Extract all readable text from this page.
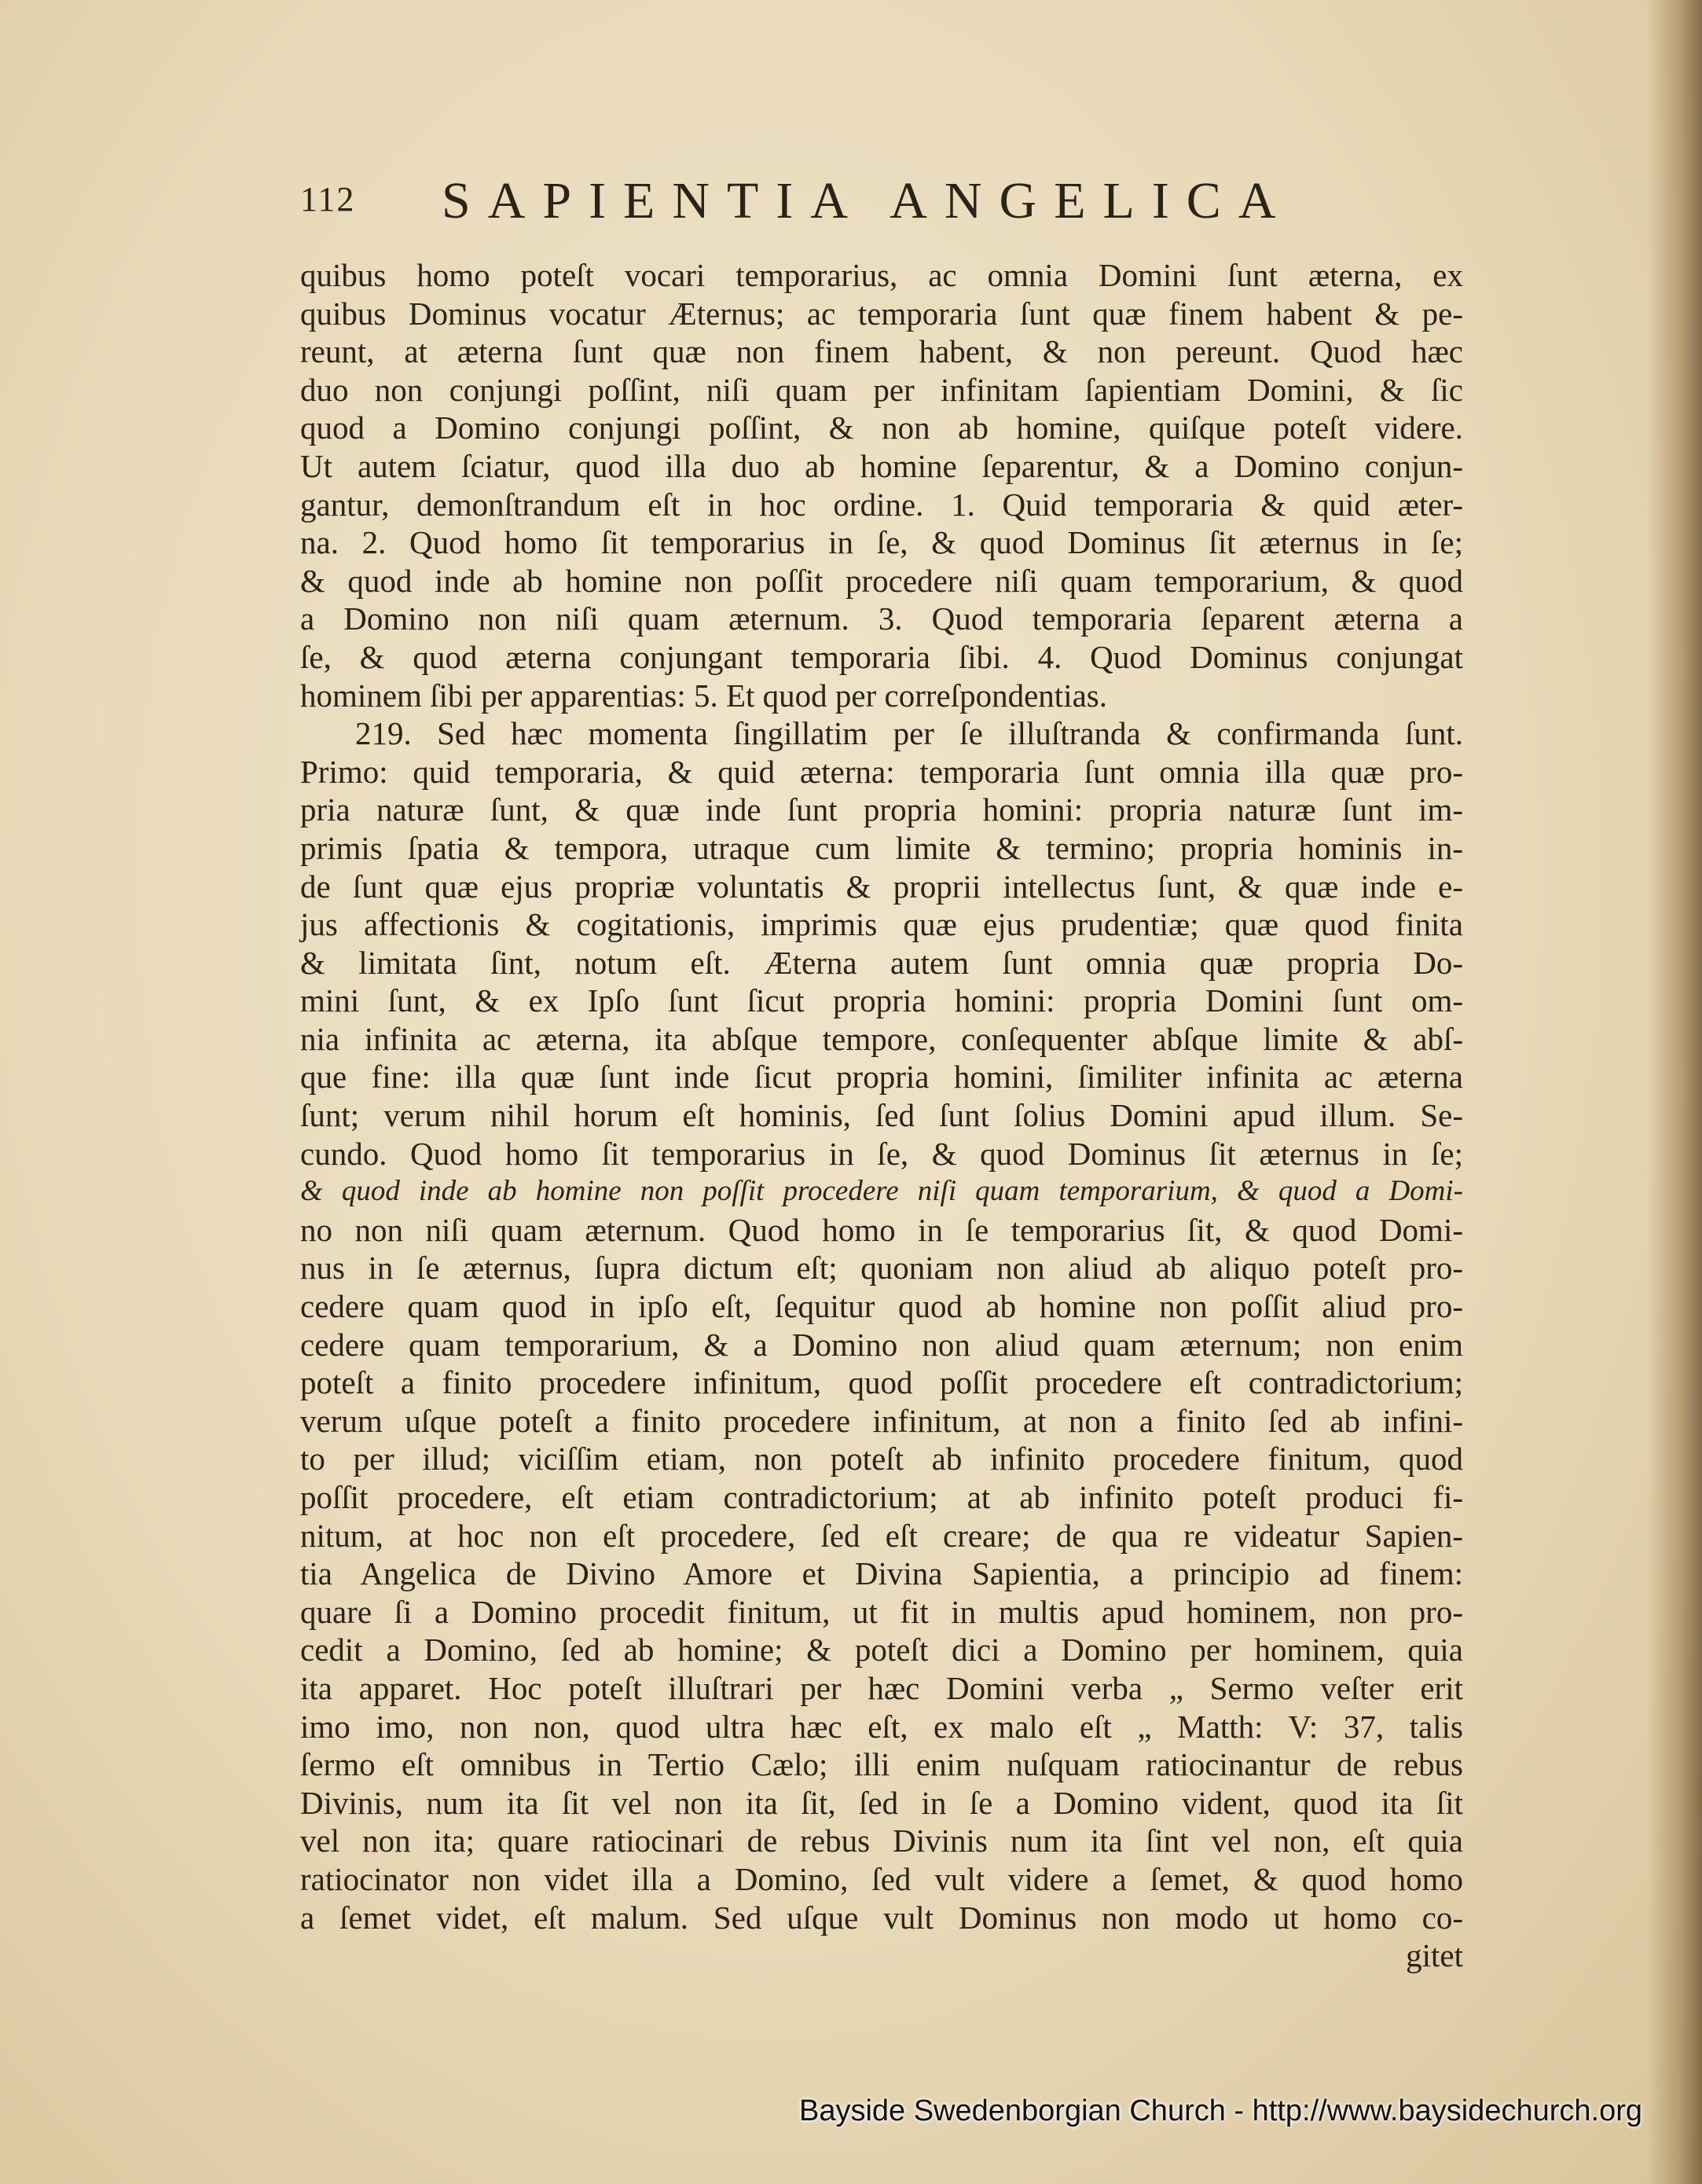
112 SAPIENTIA ANGELICA
quibus homo poteſt vocari temporarius, ac omnia Domini ſunt æterna, ex
quibus Dominus vocatur Æternus; ac temporaria ſunt quæ finem habent & pe-
reunt, at æterna ſunt quæ non finem habent, & non pereunt. Quod hæc
duo non conjungi poſſint, niſi quam per infinitam ſapientiam Domini, & ſic
quod a Domino conjungi poſſint, & non ab homine, quiſque poteſt videre.
Ut autem ſciatur, quod illa duo ab homine ſeparentur, & a Domino conjun-
gantur, demonſtrandum eſt in hoc ordine. 1. Quid temporaria & quid æter-
na. 2. Quod homo ſit temporarius in ſe, & quod Dominus ſit æternus in ſe;
& quod inde ab homine non poſſit procedere niſi quam temporarium, & quod
a Domino non niſi quam æternum. 3. Quod temporaria ſeparent æterna a
ſe, & quod æterna conjungant temporaria ſibi. 4. Quod Dominus conjungat
hominem ſibi per apparentias: 5. Et quod per correſpondentias.
219. Sed hæc momenta ſingillatim per ſe illuſtranda & confirmanda ſunt.
Primo: quid temporaria, & quid æterna: temporaria ſunt omnia illa quæ pro-
pria naturæ ſunt, & quæ inde ſunt propria homini: propria naturæ ſunt im-
primis ſpatia & tempora, utraque cum limite & termino; propria hominis in-
de ſunt quæ ejus propriæ voluntatis & proprii intellectus ſunt, & quæ inde e-
jus affectionis & cogitationis, imprimis quæ ejus prudentiæ; quæ quod finita
& limitata ſint, notum eſt. Æterna autem ſunt omnia quæ propria Do-
mini ſunt, & ex Ipſo ſunt ſicut propria homini: propria Domini ſunt om-
nia infinita ac æterna, ita abſque tempore, conſequenter abſque limite & abſ-
que fine: illa quæ ſunt inde ſicut propria homini, ſimiliter infinita ac æterna
ſunt; verum nihil horum eſt hominis, ſed ſunt ſolius Domini apud illum. Se-
cundo. Quod homo ſit temporarius in ſe, & quod Dominus ſit æternus in ſe;
& quod inde ab homine non poſſit procedere niſi quam temporarium, & quod a Domi-
no non niſi quam æternum. Quod homo in ſe temporarius ſit, & quod Domi-
nus in ſe æternus, ſupra dictum eſt; quoniam non aliud ab aliquo poteſt pro-
cedere quam quod in ipſo eſt, ſequitur quod ab homine non poſſit aliud pro-
cedere quam temporarium, & a Domino non aliud quam æternum; non enim
poteſt a finito procedere infinitum, quod poſſit procedere eſt contradictorium;
verum uſque poteſt a finito procedere infinitum, at non a finito ſed ab infini-
to per illud; viciſſim etiam, non poteſt ab infinito procedere finitum, quod
poſſit procedere, eſt etiam contradictorium; at ab infinito poteſt produci fi-
nitum, at hoc non eſt procedere, ſed eſt creare; de qua re videatur Sapien-
tia Angelica de Divino Amore et Divina Sapientia, a principio ad finem:
quare ſi a Domino procedit finitum, ut fit in multis apud hominem, non pro-
cedit a Domino, ſed ab homine; & poteſt dici a Domino per hominem, quia
ita apparet. Hoc poteſt illuſtrari per hæc Domini verba „ Sermo veſter erit
imo imo, non non, quod ultra hæc eſt, ex malo eſt „ Matth: V: 37, talis
ſermo eſt omnibus in Tertio Cælo; illi enim nuſquam ratiocinantur de rebus
Divinis, num ita ſit vel non ita ſit, ſed in ſe a Domino vident, quod ita ſit
vel non ita; quare ratiocinari de rebus Divinis num ita ſint vel non, eſt quia
ratiocinator non videt illa a Domino, ſed vult videre a ſemet, & quod homo
a ſemet videt, eſt malum. Sed uſque vult Dominus non modo ut homo co-
gitet
Bayside Swedenborgian Church - http://www.baysidechurch.org
